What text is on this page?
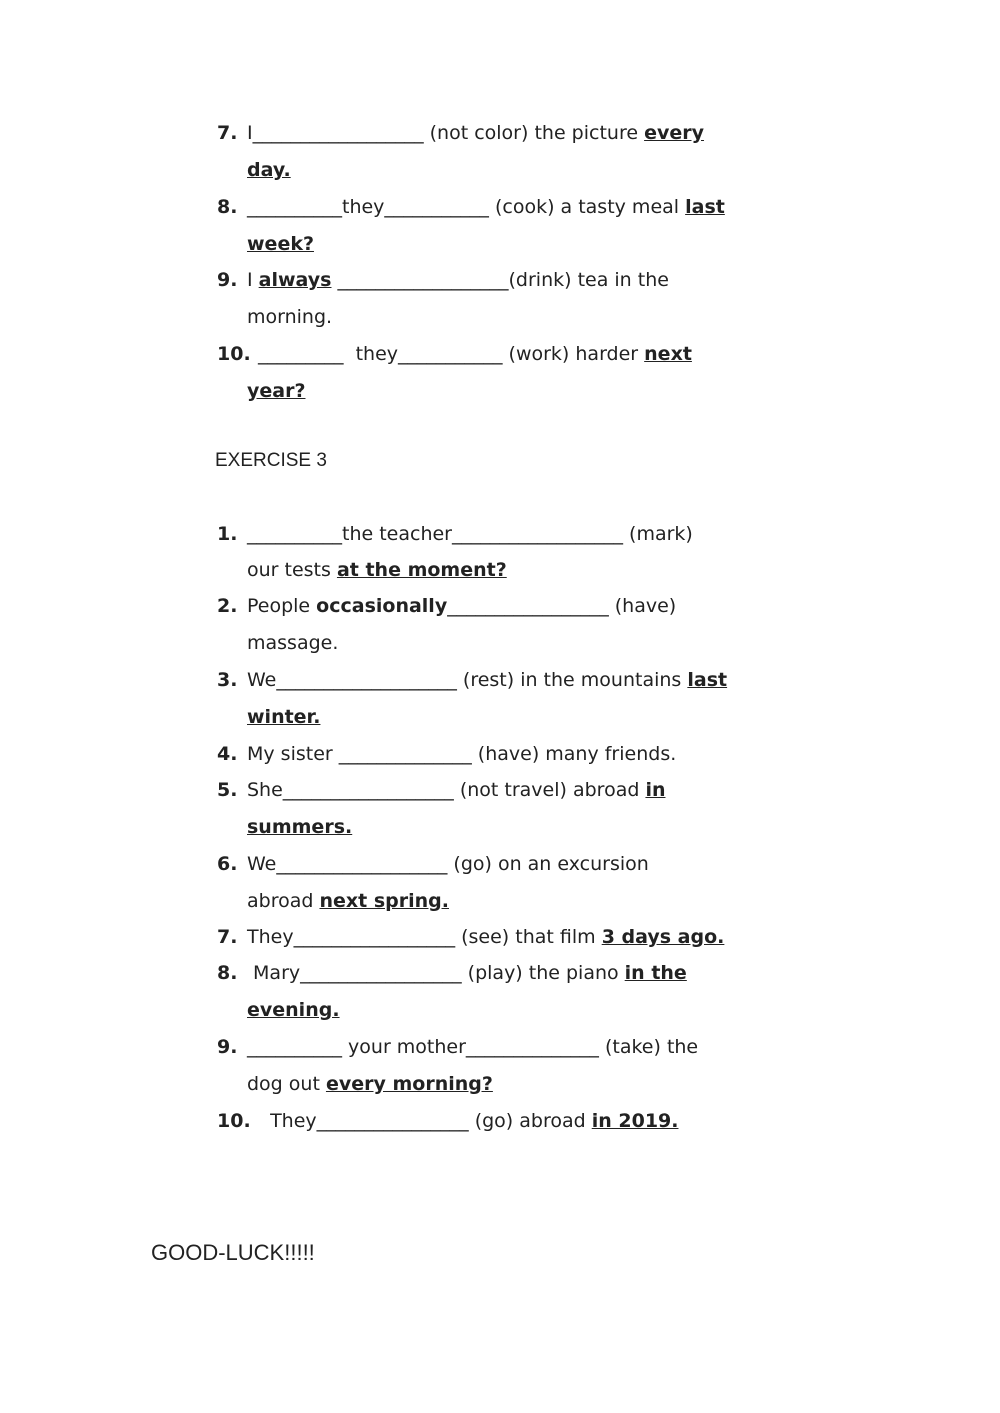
7. I__________________ (not color) the picture every
day.
8. __________they___________ (cook) a tasty meal last
week?
9. I always __________________(drink) tea in the
morning.
10. _________  they___________ (work) harder next
year?
EXERCISE 3
1. __________the teacher__________________ (mark)
our tests at the moment?
2. People occasionally_________________ (have)
massage.
3. We___________________ (rest) in the mountains last
winter.
4. My sister ______________ (have) many friends.
5. She__________________ (not travel) abroad in
summers.
6. We__________________ (go) on an excursion
abroad next spring.
7. They_________________ (see) that film 3 days ago.
8. Mary_________________ (play) the piano in the
evening.
9. __________ your mother______________ (take) the
dog out every morning?
10. They________________ (go) abroad in 2019.
GOOD-LUCK!!!!!
